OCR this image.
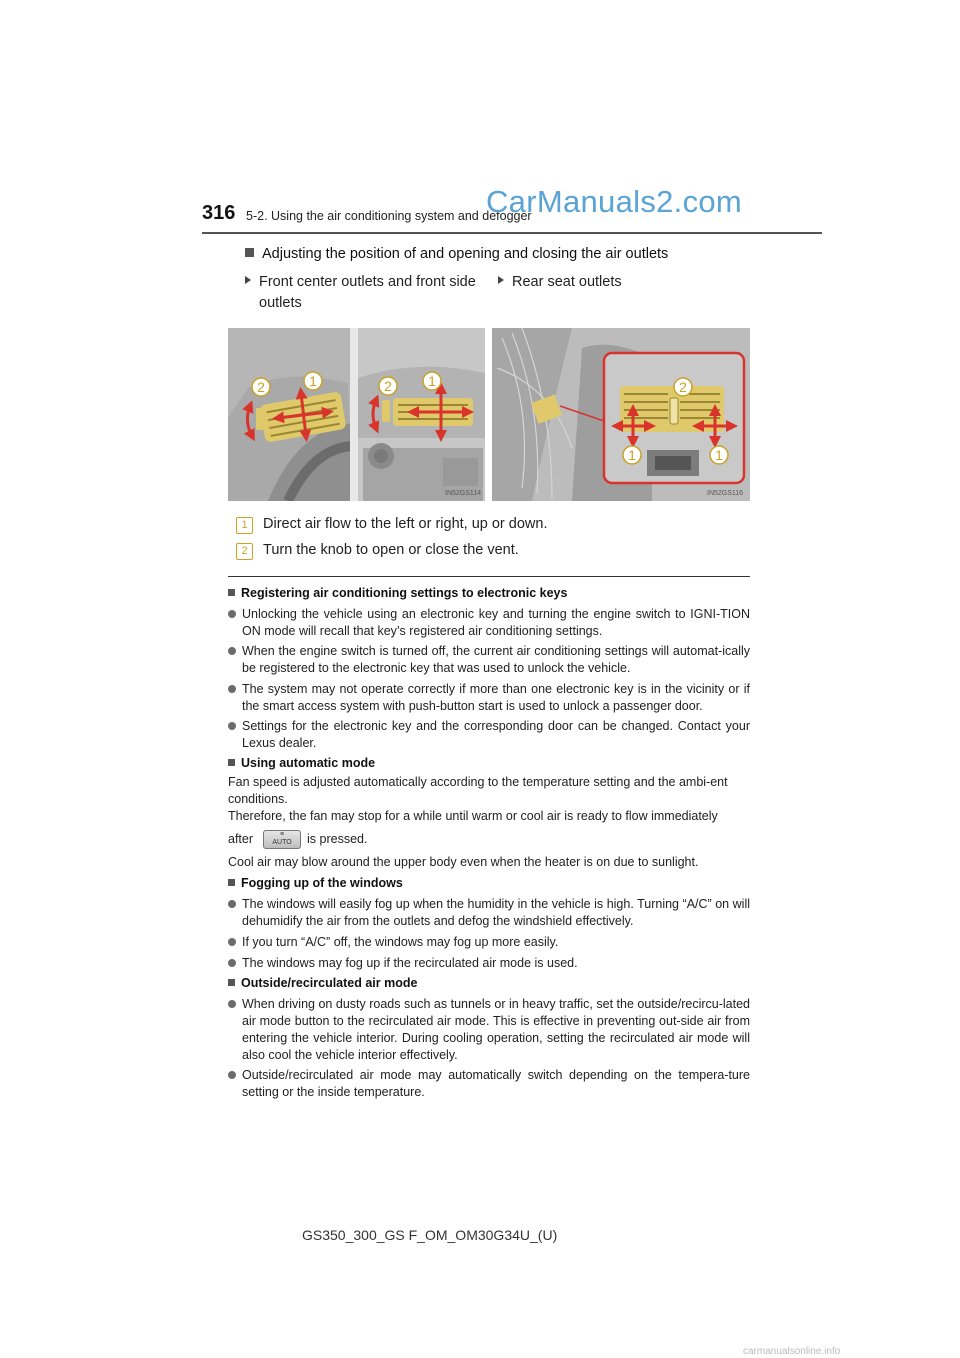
316 5-2. Using the air conditioning system and defogger
CarManuals2.com
Adjusting the position of and opening and closing the air outlets
Front center outlets and front side
outlets
Rear seat outlets
2	1	2	1
IN52GS114
2
1	1
IN52GS116
1 Direct air flow to the left or right, up or down.
2 Turn the knob to open or close the vent.
Registering air conditioning settings to electronic keys
Unlocking the vehicle using an electronic key and turning the engine switch to IGNI-TION ON mode will recall that key’s registered air conditioning settings.
When the engine switch is turned off, the current air conditioning settings will automat-ically be registered to the electronic key that was used to unlock the vehicle.
The system may not operate correctly if more than one electronic key is in the vicinity or if the smart access system with push-button start is used to unlock a passenger door.
Settings for the electronic key and the corresponding door can be changed. Contact your Lexus dealer.
Using automatic mode
Fan speed is adjusted automatically according to the temperature setting and the ambi-ent conditions.
Therefore, the fan may stop for a while until warm or cool air is ready to flow immediately
after	≡
AUTO is pressed.
Cool air may blow around the upper body even when the heater is on due to sunlight.
Fogging up of the windows
The windows will easily fog up when the humidity in the vehicle is high. Turning “A/C” on will dehumidify the air from the outlets and defog the windshield effectively.
If you turn “A/C” off, the windows may fog up more easily.
The windows may fog up if the recirculated air mode is used.
Outside/recirculated air mode
When driving on dusty roads such as tunnels or in heavy traffic, set the outside/recircu-lated air mode button to the recirculated air mode. This is effective in preventing out-side air from entering the vehicle interior. During cooling operation, setting the recirculated air mode will also cool the vehicle interior effectively.
Outside/recirculated air mode may automatically switch depending on the tempera-ture setting or the inside temperature.
GS350_300_GS F_OM_OM30G34U_(U)
carmanualsonline.info
